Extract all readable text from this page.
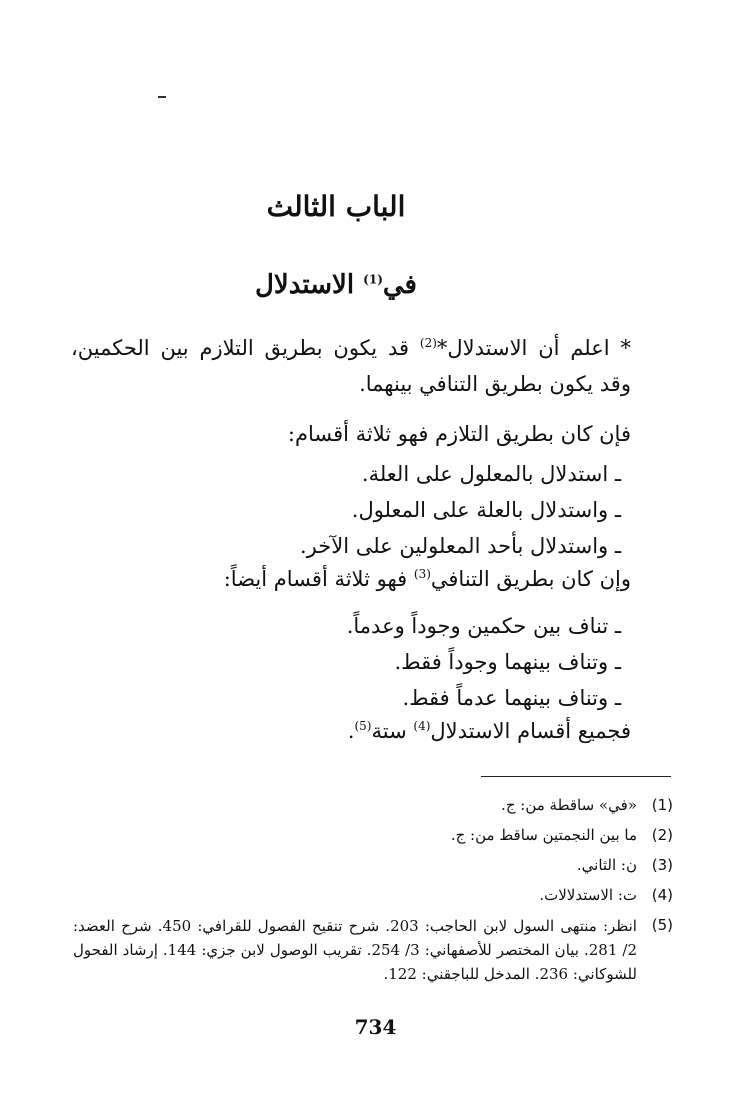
الباب الثالث
في$^{(1)}$ الاستدلال
* اعلم أن الاستدلال*$^{(2)}$ قد يكون بطريق التلازم بين الحكمين، وقد يكون بطريق التنافي بينهما.
فإن كان بطريق التلازم فهو ثلاثة أقسام:
ـ استدلال بالمعلول على العلة.
ـ واستدلال بالعلة على المعلول.
ـ واستدلال بأحد المعلولين على الآخر.
وإن كان بطريق التنافي$^{(3)}$ فهو ثلاثة أقسام أيضاً:
ـ تناف بين حكمين وجوداً وعدماً.
ـ وتناف بينهما وجوداً فقط.
ـ وتناف بينهما عدماً فقط.
فجميع أقسام الاستدلال$^{(4)}$ ستة$^{(5)}$.
(1)
«في» ساقطة من: ج.
(2)
ما بين النجمتين ساقط من: ج.
(3)
ن: الثاني.
(4)
ت: الاستدلالات.
(5)
انظر: منتهى السول لابن الحاجب: 203. شرح تنقيح الفصول للقرافي: 450. شرح العضد: 2/ 281. بيان المختصر للأصفهاني: 3/ 254. تقريب الوصول لابن جزي: 144. إرشاد الفحول للشوكاني: 236. المدخل للباجقني: 122.
734
